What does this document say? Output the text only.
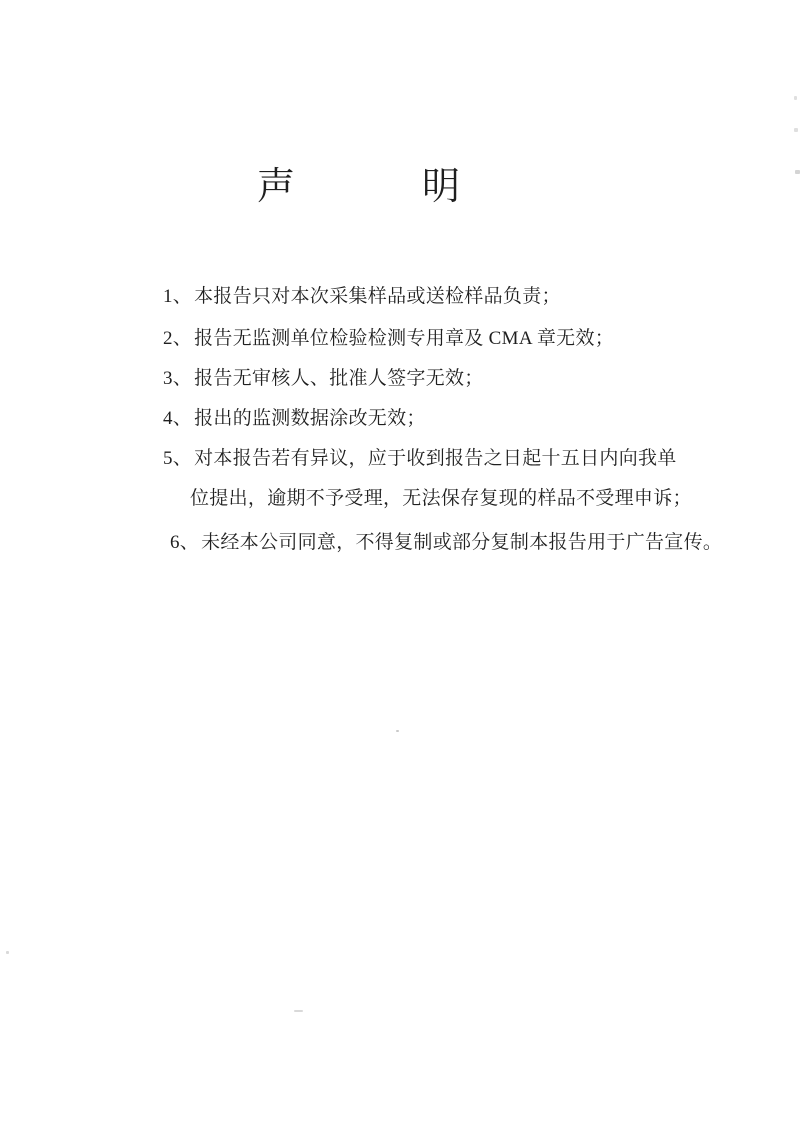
声	明
1、 本报告只对本次采集样品或送检样品负责；
2、 报告无监测单位检验检测专用章及 CMA 章无效；
3、 报告无审核人、批准人签字无效；
4、 报出的监测数据涂改无效；
5、 对本报告若有异议，应于收到报告之日起十五日内向我单
位提出，逾期不予受理，无法保存复现的样品不受理申诉；
6、 未经本公司同意，不得复制或部分复制本报告用于广告宣传。
